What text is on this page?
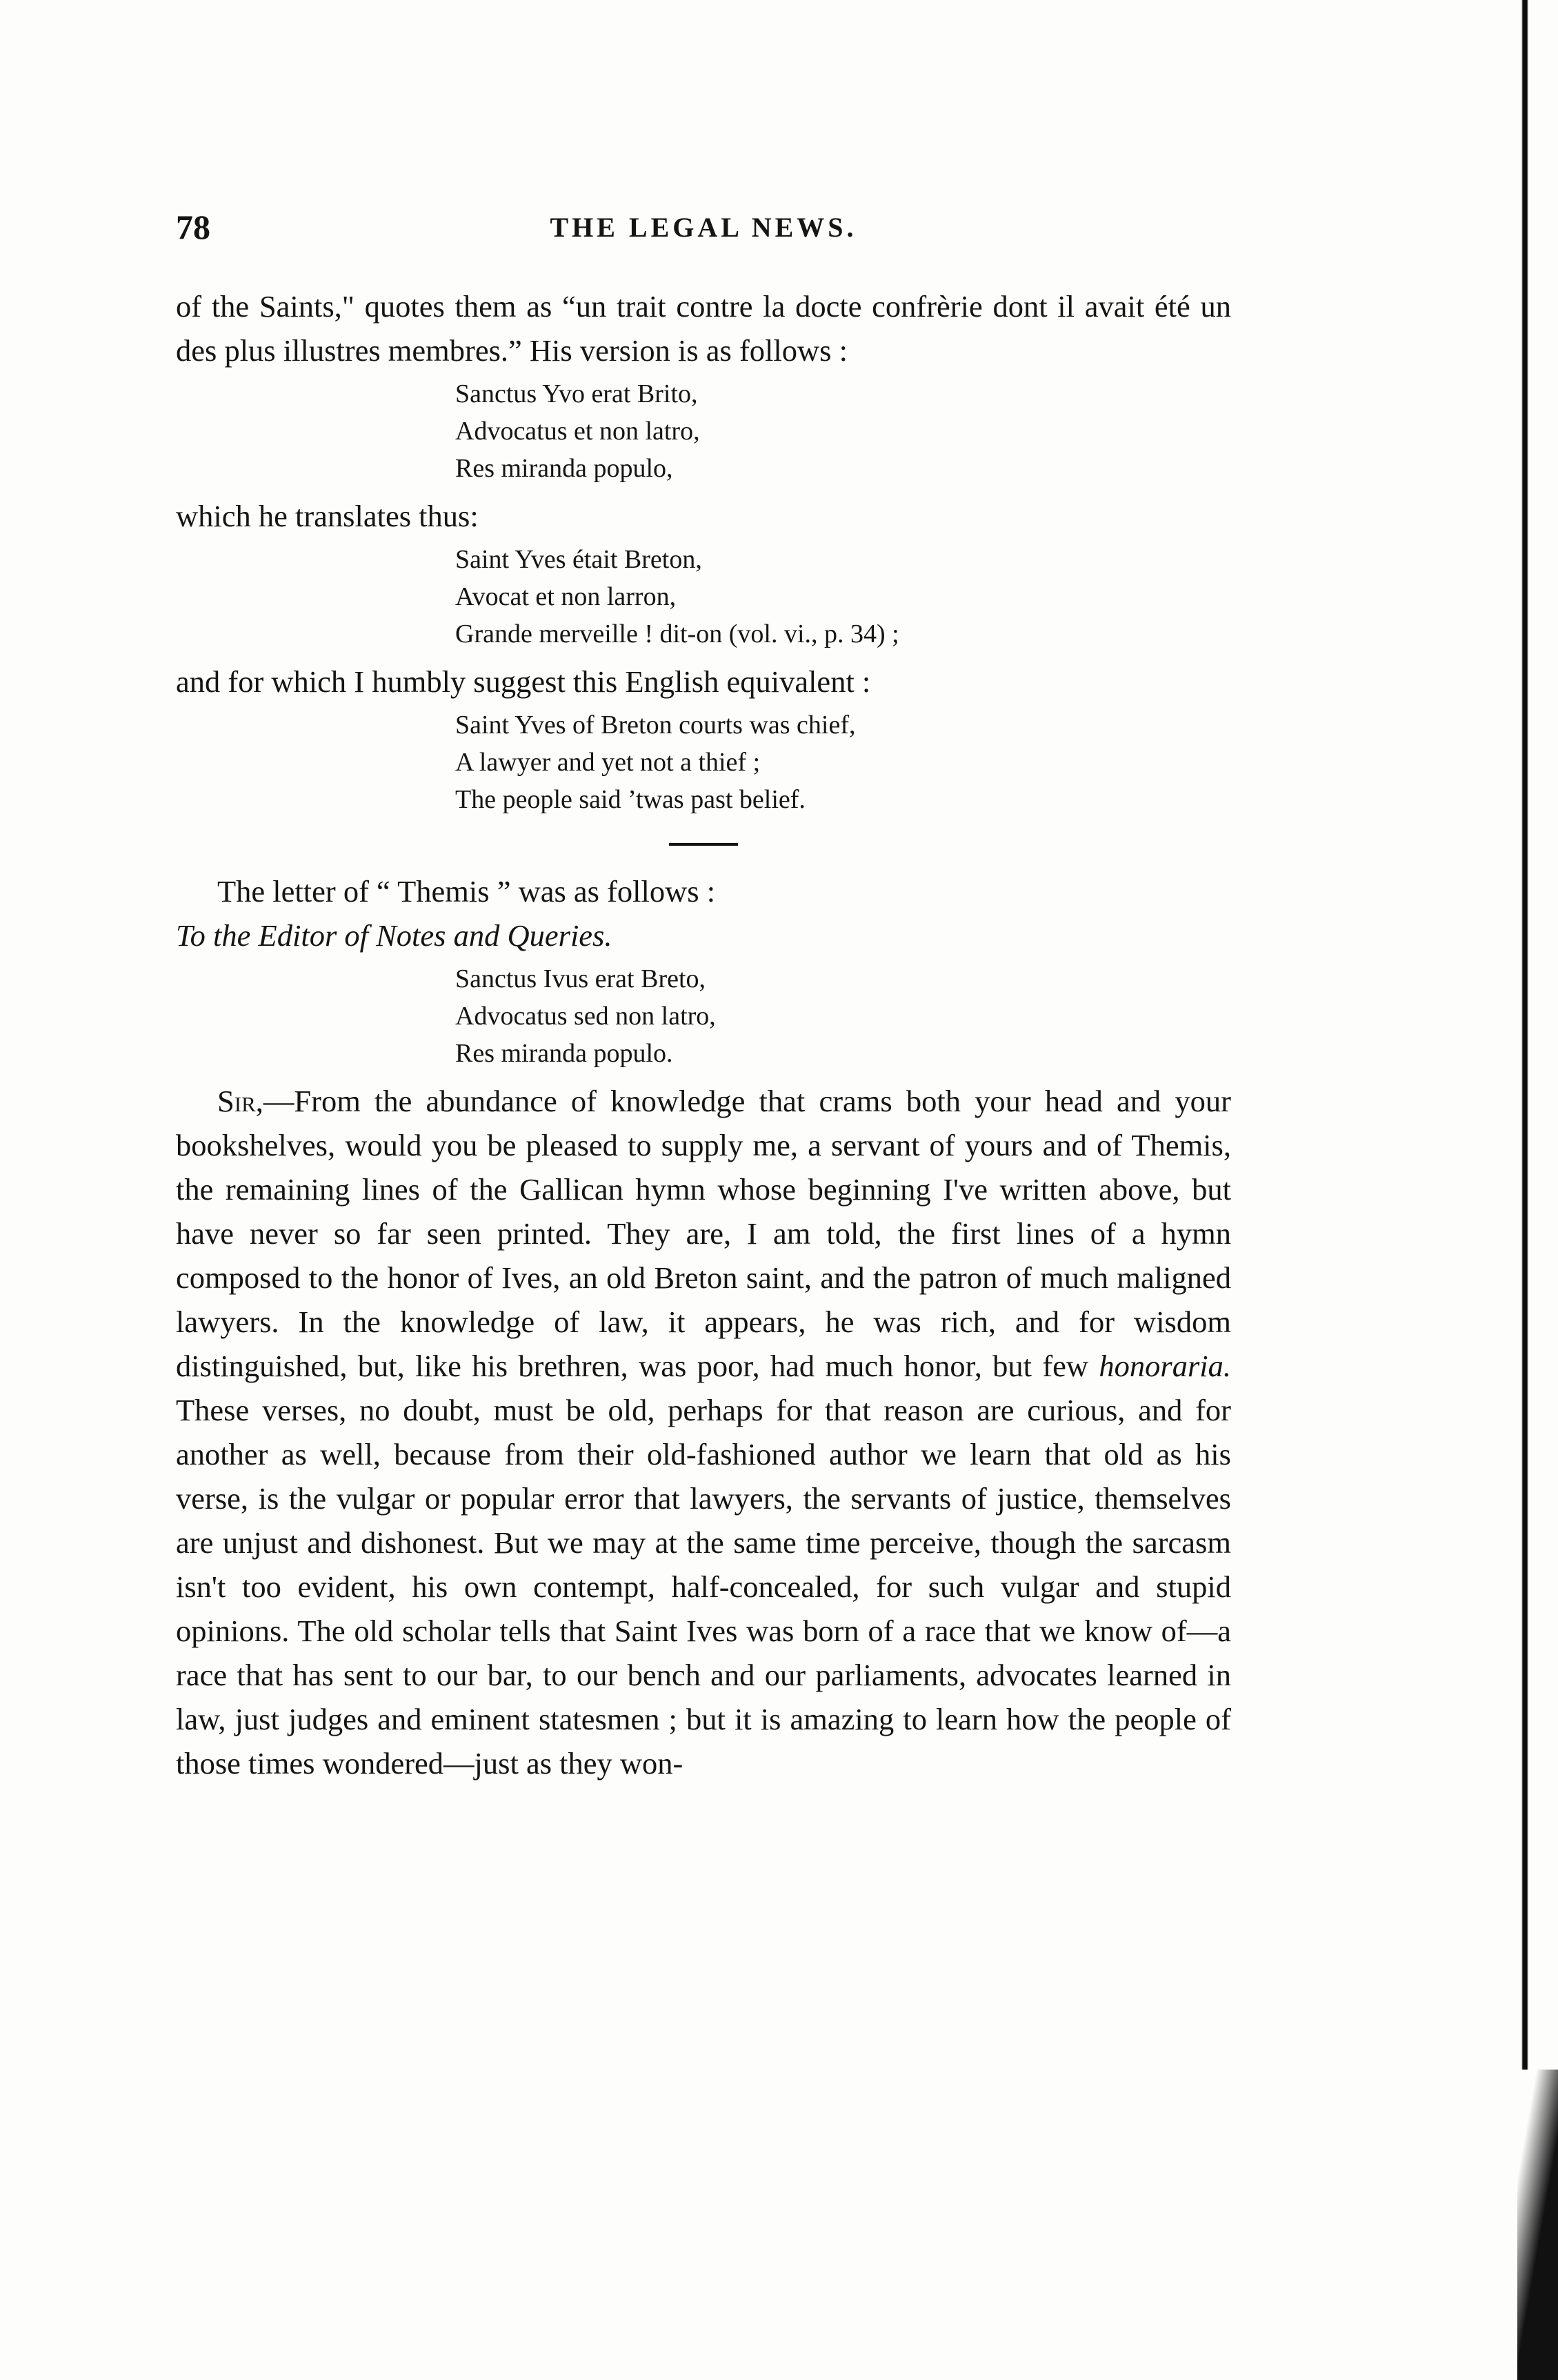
78	THE LEGAL NEWS.

of the Saints," quotes them as “un trait contre la docte confrèrie dont il avait été un des plus illustres membres.” His version is as follows :

Sanctus Yvo erat Brito,
Advocatus et non latro,
Res miranda populo,

which he translates thus:

Saint Yves était Breton,
Avocat et non larron,
Grande merveille ! dit-on (vol. vi., p. 34) ;

and for which I humbly suggest this English equivalent :

Saint Yves of Breton courts was chief,
A lawyer and yet not a thief ;
The people said ’twas past belief.

The letter of “ Themis ” was as follows :

To the Editor of Notes and Queries.

Sanctus Ivus erat Breto,
Advocatus sed non latro,
Res miranda populo.

Sir,—From the abundance of knowledge that crams both your head and your bookshelves, would you be pleased to supply me, a servant of yours and of Themis, the remaining lines of the Gallican hymn whose beginning I've written above, but have never so far seen printed. They are, I am told, the first lines of a hymn composed to the honor of Ives, an old Breton saint, and the patron of much maligned lawyers. In the knowledge of law, it appears, he was rich, and for wisdom distinguished, but, like his brethren, was poor, had much honor, but few honoraria. These verses, no doubt, must be old, perhaps for that reason are curious, and for another as well, because from their old-fashioned author we learn that old as his verse, is the vulgar or popular error that lawyers, the servants of justice, themselves are unjust and dishonest. But we may at the same time perceive, though the sarcasm isn't too evident, his own contempt, half-concealed, for such vulgar and stupid opinions. The old scholar tells that Saint Ives was born of a race that we know of—a race that has sent to our bar, to our bench and our parliaments, advocates learned in law, just judges and eminent statesmen ; but it is amazing to learn how the people of those times wondered—just as they won-
